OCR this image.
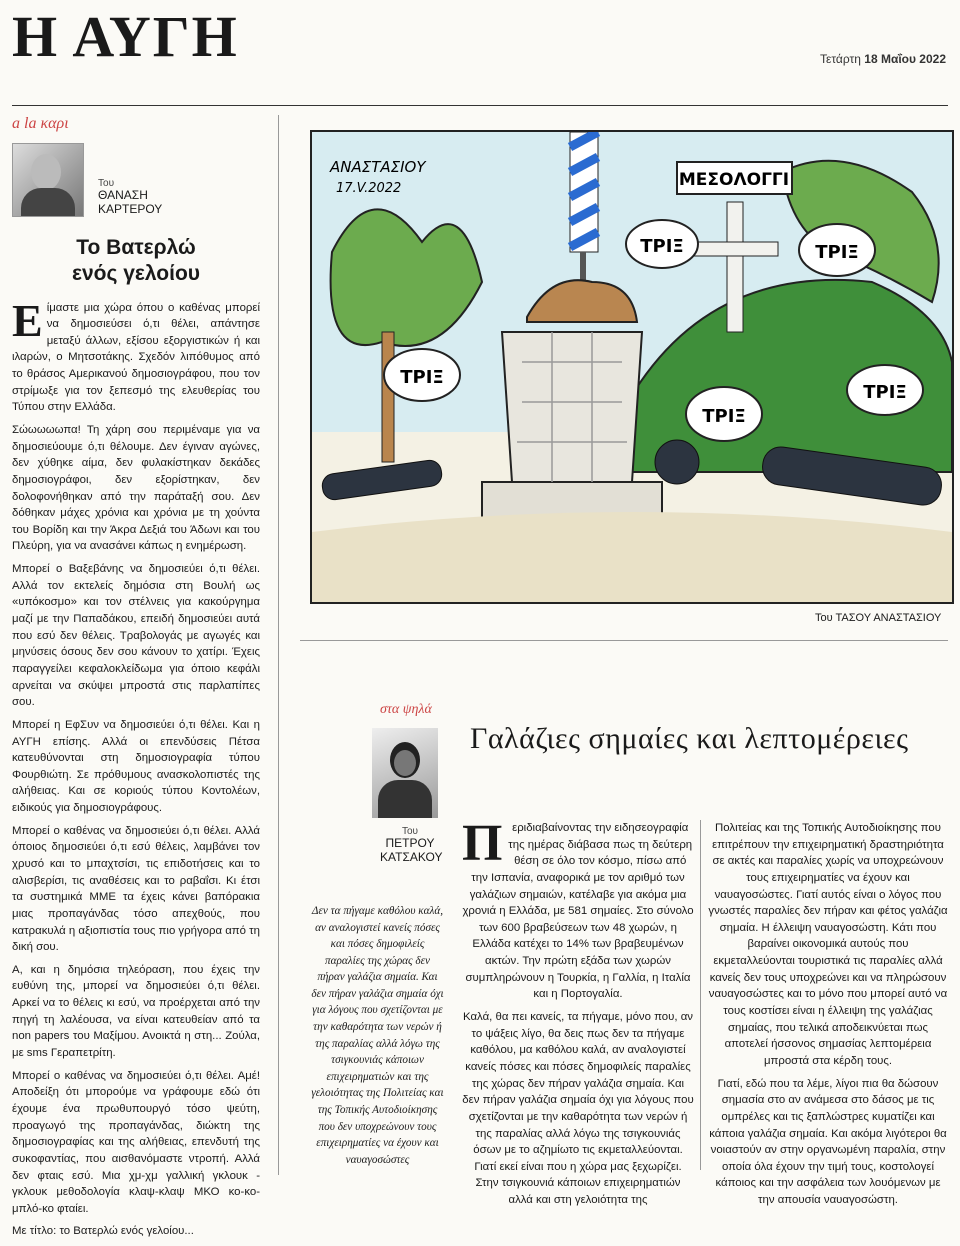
Η ΑΥΓΗ	Τετάρτη 18 Μαΐου 2022
a la καρι
Του
ΘΑΝΑΣΗ
ΚΑΡΤΕΡΟΥ
Το Βατερλώ
ενός γελοίου

Είμαστε μια χώρα όπου ο καθένας μπορεί να δημοσιεύσει ό,τι θέλει, απάντησε μεταξύ άλλων, εξίσου εξοργιστικών ή και ιλαρών, ο Μητσοτάκης. Σχεδόν λιπόθυμος από το θράσος Αμερικανού δημοσιογράφου, που τον στρίμωξε για τον ξεπεσμό της ελευθερίας του Τύπου στην Ελλάδα.

Σώωωωωπα! Τη χάρη σου περιμέναμε για να δημοσιεύουμε ό,τι θέλουμε. Δεν έγιναν αγώνες, δεν χύθηκε αίμα, δεν φυλακίστηκαν δεκάδες δημοσιογράφοι, δεν εξορίστηκαν, δεν δολοφονήθηκαν από την παράταξή σου. Δεν δόθηκαν μάχες χρόνια και χρόνια με τη χούντα του Βορίδη και την Άκρα Δεξιά του Άδωνι και του Πλεύρη, για να ανασάνει κάπως η ενημέρωση.

Μπορεί ο Βαξεβάνης να δημοσιεύει ό,τι θέλει. Αλλά τον εκτελείς δημόσια στη Βουλή ως «υπόκοσμο» και τον στέλνεις για κακούργημα μαζί με την Παπαδάκου, επειδή δημοσιεύει αυτά που εσύ δεν θέλεις. Τραβολογάς με αγωγές και μηνύσεις όσους δεν σου κάνουν το χατίρι. Έχεις παραγγείλει κεφαλοκλείδωμα για όποιο κεφάλι αρνείται να σκύψει μπροστά στις παρλαπίπες σου.

Μπορεί η ΕφΣυν να δημοσιεύει ό,τι θέλει. Και η ΑΥΓΗ επίσης. Αλλά οι επενδύσεις Πέτσα κατευθύνονται στη δημοσιογραφία τύπου Φουρθιώτη. Σε πρόθυμους ανασκολοπιστές της αλήθειας. Και σε κοριούς τύπου Κοντολέων, ειδικούς για δημοσιογράφους.

Μπορεί ο καθένας να δημοσιεύει ό,τι θέλει. Αλλά όποιος δημοσιεύει ό,τι εσύ θέλεις, λαμβάνει τον χρυσό και το μπαχτσίσι, τις επιδοτήσεις και το αλισβερίσι, τις αναθέσεις και το ραβαΐσι. Κι έτσι τα συστημικά ΜΜΕ τα έχεις κάνει βαπόρακια μιας προπαγάνδας τόσο απεχθούς, που κατρακυλά η αξιοπιστία τους πιο γρήγορα από τη δική σου.

Α, και η δημόσια τηλεόραση, που έχεις την ευθύνη της, μπορεί να δημοσιεύει ό,τι θέλει. Αρκεί να το θέλεις κι εσύ, να προέρχεται από την πηγή τη λαλέουσα, να είναι κατευθείαν από τα non papers του Μαξίμου. Ανοικτά η στη... Ζούλα, με sms Γεραπετρίτη.

Μπορεί ο καθένας να δημοσιεύει ό,τι θέλει. Αμέ! Αποδείξη ότι μπορούμε να γράφουμε εδώ ότι έχουμε ένα πρωθυπουργό τόσο ψεύτη, προαγωγό της προπαγάνδας, διώκτη της δημοσιογραφίας και της αλήθειας, επενδυτή της συκοφαντίας, που αισθανόμαστε ντροπή. Αλλά δεν φταις εσύ. Μια χμ-χμ γαλλική γκλουκ - γκλουκ μεθοδολογία κλαψ-κλαψ ΜΚΟ κο-κο-μπλό-κο φταίει.

Με τίτλο: το Βατερλώ ενός γελοίου...

ΜΕΣΟΛΟΓΓΙ
ΑΝΑΣΤΑΣΙΟΥ
17.V.2022
ΤΡΙΞ	ΤΡΙΞ
ΤΡΙΞ
ΤΡΙΞ
ΤΡΙΞ
Του ΤΑΣΟΥ ΑΝΑΣΤΑΣΙΟΥ
στα ψηλά
Γαλάζιες σημαίες και λεπτομέρειες
Του
ΠΕΤΡΟΥ
ΚΑΤΣΑΚΟΥ
Δεν τα πήγαμε καθόλου καλά, αν αναλογιστεί κανείς πόσες και πόσες δημοφιλείς παραλίες της χώρας δεν πήραν γαλάζια σημαία. Και δεν πήραν γαλάζια σημαία όχι για λόγους που σχετίζονται με την καθαρότητα των νερών ή της παραλίας αλλά λόγω της τσιγκουνιάς κάποιων επιχειρηματιών και της γελοιότητας της Πολιτείας και της Τοπικής Αυτοδιοίκησης που δεν υποχρεώνουν τους επιχειρηματίες να έχουν και ναυαγοσώστες

Περιδιαβαίνοντας την ειδησεογραφία της ημέρας διάβασα πως τη δεύτερη θέση σε όλο τον κόσμο, πίσω από την Ισπανία, αναφορικά με τον αριθμό των γαλάζιων σημαιών, κατέλαβε για ακόμα μια χρονιά η Ελλάδα, με 581 σημαίες. Στο σύνολο των 600 βραβεύσεων των 48 χωρών, η Ελλάδα κατέχει το 14% των βραβευμένων ακτών. Την πρώτη εξάδα των χωρών συμπληρώνουν η Τουρκία, η Γαλλία, η Ιταλία και η Πορτογαλία.

Καλά, θα πει κανείς, τα πήγαμε, μόνο που, αν το ψάξεις λίγο, θα δεις πως δεν τα πήγαμε καθόλου, μα καθόλου καλά, αν αναλογιστεί κανείς πόσες και πόσες δημοφιλείς παραλίες της χώρας δεν πήραν γαλάζια σημαία. Και δεν πήραν γαλάζια σημαία όχι για λόγους που σχετίζονται με την καθαρότητα των νερών ή της παραλίας αλλά λόγω της τσιγκουνιάς όσων με το αζημίωτο τις εκμεταλλεύονται. Γιατί εκεί είναι που η χώρα μας ξεχωρίζει. Στην τσιγκουνιά κάποιων επιχειρηματιών αλλά και στη γελοιότητα της

Πολιτείας και της Τοπικής Αυτοδιοίκησης που επιτρέπουν την επιχειρηματική δραστηριότητα σε ακτές και παραλίες χωρίς να υποχρεώνουν τους επιχειρηματίες να έχουν και ναυαγοσώστες. Γιατί αυτός είναι ο λόγος που γνωστές παραλίες δεν πήραν και φέτος γαλάζια σημαία. Η έλλειψη ναυαγοσώστη. Κάτι που βαραίνει οικονομικά αυτούς που εκμεταλλεύονται τουριστικά τις παραλίες αλλά κανείς δεν τους υποχρεώνει και να πληρώσουν ναυαγοσώστες και το μόνο που μπορεί αυτό να τους κοστίσει είναι η έλλειψη της γαλάζιας σημαίας, που τελικά αποδεικνύεται πως αποτελεί ήσσονος σημασίας λεπτομέρεια μπροστά στα κέρδη τους.

Γιατί, εδώ που τα λέμε, λίγοι πια θα δώσουν σημασία στο αν ανάμεσα στο δάσος με τις ομπρέλες και τις ξαπλώστρες κυματίζει και κάποια γαλάζια σημαία. Και ακόμα λιγότεροι θα νοιαστούν αν στην οργανωμένη παραλία, στην οποία όλα έχουν την τιμή τους, κοστολογεί κάποιος και την ασφάλεια των λουόμενων με την απουσία ναυαγοσώστη.
